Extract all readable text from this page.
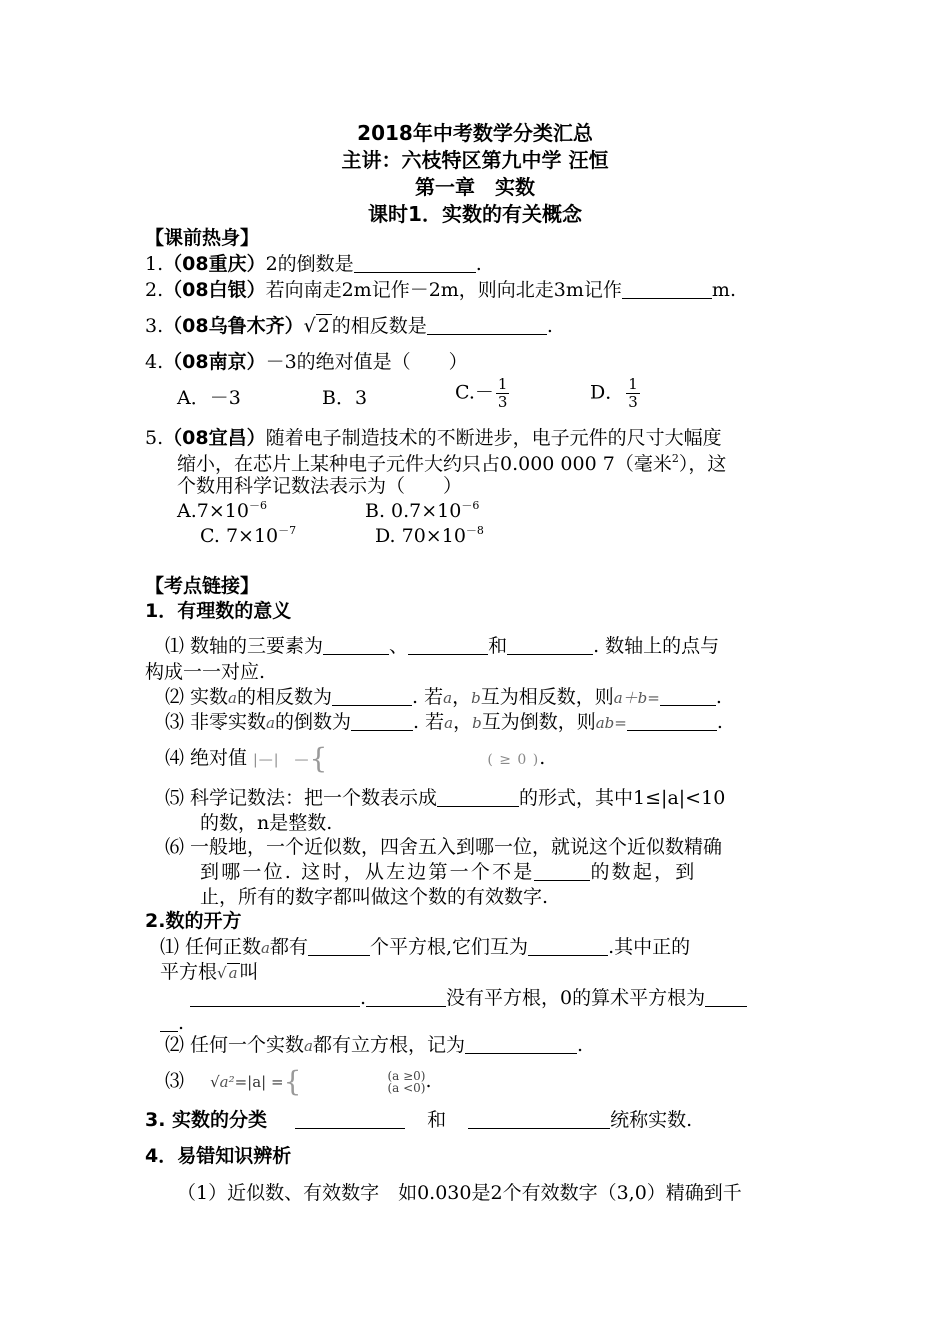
2018年中考数学分类汇总
主讲：六枝特区第九中学 汪恒
第一章　实数
课时1．实数的有关概念
【课前热身】
1.（08重庆）2的倒数是	.
2.（08白银）若向南走2m记作－2m，则向北走3m记作	m.
3.（08乌鲁木齐）√ 2 的相反数是	.
4.（08南京）－3的绝对值是（　　）
A．－3	B．3	$C.- \frac{1}{3}$	D． $\frac{1}{3}$
5.（08宜昌）随着电子制造技术的不断进步，电子元件的尺寸大幅度
缩小，在芯片上某种电子元件大约只占0.000 000 7（毫米$^2$），这
个数用科学记数法表示为（　　）
$A.7\times 10^{-6}$	B. $0.7\times 10^{-6}$
C. $7\times 10^{-7}$	D. $70\times 10^{-8}$
【考点链接】
1．有理数的意义
⑴ 数轴的三要素为	、	和	. 数轴上的点与
构成一一对应.
⑵ 实数a的相反数为	. 若a，b互为相反数，则a＋b=	.
⑶ 非零实数a的倒数为	. 若a，b互为倒数，则ab=	.
⑷ 绝对值 |—|　—{	( ≥ 0 ).
⑸ 科学记数法：把一个数表示成	的形式，其中1≤|a|<10
的数，n是整数.
⑹ 一般地，一个近似数，四舍五入到哪一位，就说这个近似数精确
到哪一位. 这时，从左边第一个不是	的数起，到
止，所有的数字都叫做这个数的有效数字.
2.数的开方
⑴ 任何正数a都有	个平方根,它们互为	.其中正的
平方根√ a 叫
.	没有平方根，0的算术平方根为
.
⑵ 任何一个实数a都有立方根，记为	.
⑶ √a²=|a| ={	(a ≥0)
(a <0) .
3. 实数的分类	和	统称实数.
4．易错知识辨析
（1）近似数、有效数字　如0.030是2个有效数字（3,0）精确到千
